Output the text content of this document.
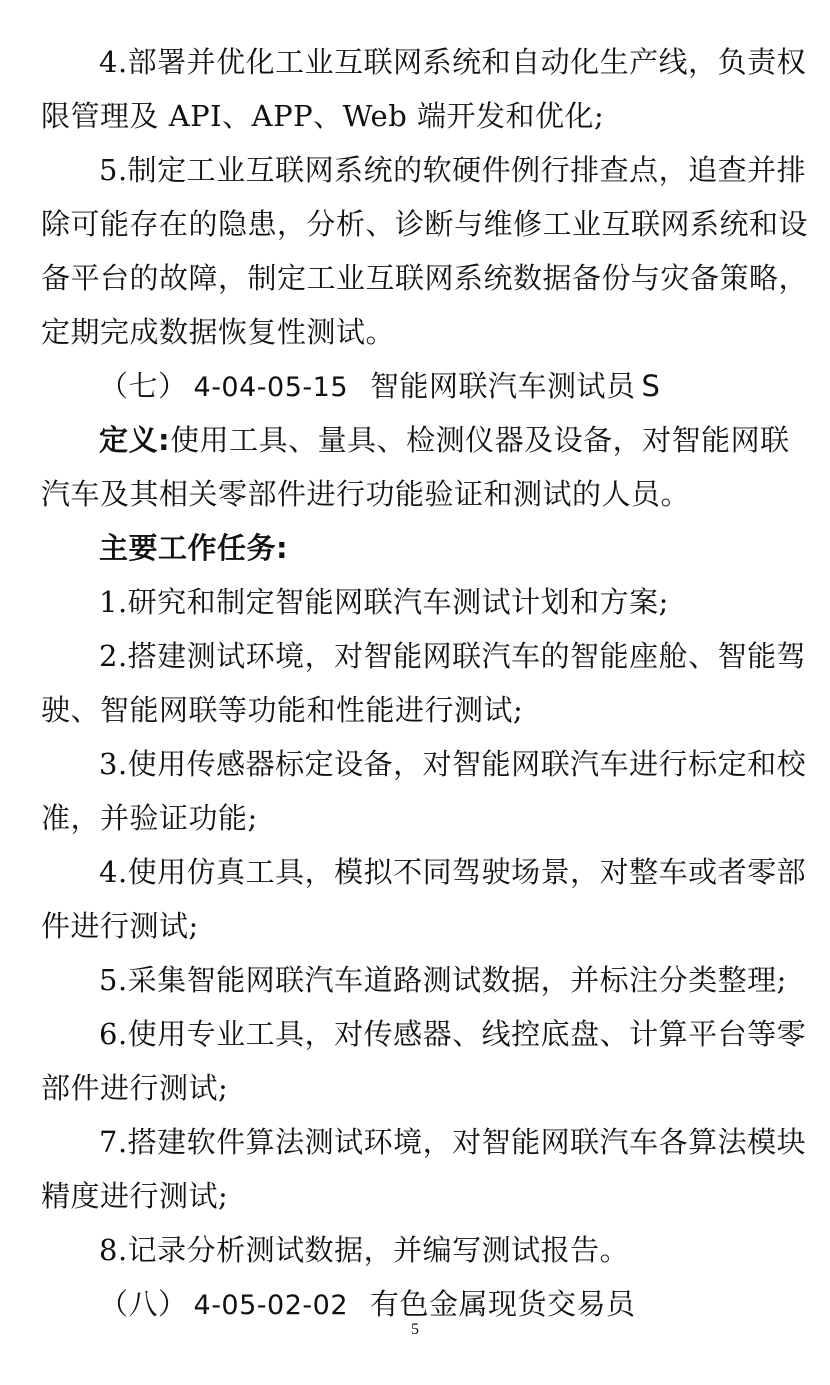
4.部署并优化工业互联网系统和自动化生产线，负责权
限管理及 API、APP、Web 端开发和优化;
5.制定工业互联网系统的软硬件例行排查点，追查并排
除可能存在的隐患，分析、诊断与维修工业互联网系统和设
备平台的故障，制定工业互联网系统数据备份与灾备策略，
定期完成数据恢复性测试。
（七） 4-04-05-15 智能网联汽车测试员 S
定义:使用工具、量具、检测仪器及设备，对智能网联
汽车及其相关零部件进行功能验证和测试的人员。
主要工作任务:
1.研究和制定智能网联汽车测试计划和方案;
2.搭建测试环境，对智能网联汽车的智能座舱、智能驾
驶、智能网联等功能和性能进行测试;
3.使用传感器标定设备，对智能网联汽车进行标定和校
准，并验证功能;
4.使用仿真工具，模拟不同驾驶场景，对整车或者零部
件进行测试;
5.采集智能网联汽车道路测试数据，并标注分类整理;
6.使用专业工具，对传感器、线控底盘、计算平台等零
部件进行测试;
7.搭建软件算法测试环境，对智能网联汽车各算法模块
精度进行测试;
8.记录分析测试数据，并编写测试报告。
（八） 4-05-02-02 有色金属现货交易员
5
